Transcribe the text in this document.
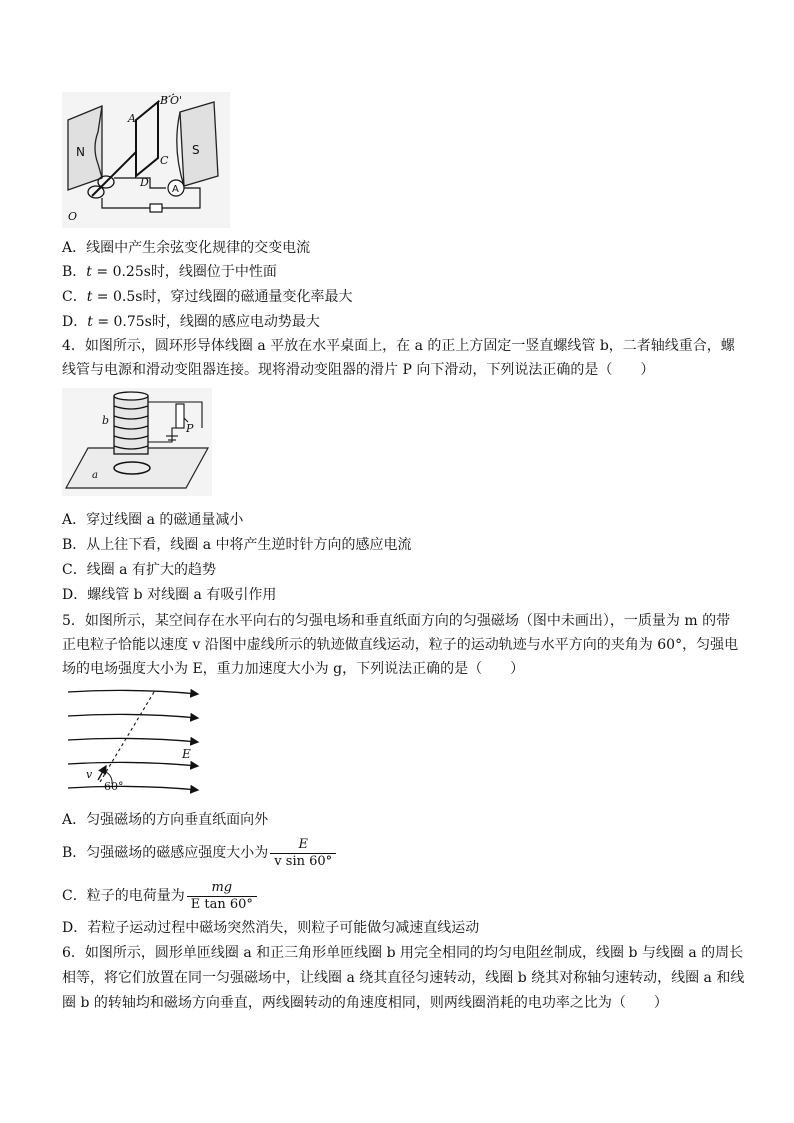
N	S
A
B O'
C
D
O
A
A．线圈中产生余弦变化规律的交变电流
B．t = 0.25s时，线圈位于中性面
C．t = 0.5s时，穿过线圈的磁通量变化率最大
D．t = 0.75s时，线圈的感应电动势最大
4．如图所示，圆环形导体线圈 a 平放在水平桌面上，在 a 的正上方固定一竖直螺线管 b，二者轴线重合，螺
线管与电源和滑动变阻器连接。现将滑动变阻器的滑片 P 向下滑动，下列说法正确的是（　　）
a
b
P
A．穿过线圈 a 的磁通量减小
B．从上往下看，线圈 a 中将产生逆时针方向的感应电流
C．线圈 a 有扩大的趋势
D．螺线管 b 对线圈 a 有吸引作用
5．如图所示，某空间存在水平向右的匀强电场和垂直纸面方向的匀强磁场（图中未画出），一质量为 m 的带
正电粒子恰能以速度 v 沿图中虚线所示的轨迹做直线运动，粒子的运动轨迹与水平方向的夹角为 60°，匀强电
场的电场强度大小为 E，重力加速度大小为 g，下列说法正确的是（　　）
v
60°
E
A．匀强磁场的方向垂直纸面向外
B．匀强磁场的磁感应强度大小为 $\frac{E}{\text{v sin 60°}}$
C．粒子的电荷量为 $\frac{mg}{\text{E tan 60°}}$
D．若粒子运动过程中磁场突然消失，则粒子可能做匀减速直线运动
6．如图所示，圆形单匝线圈 a 和正三角形单匝线圈 b 用完全相同的均匀电阻丝制成，线圈 b 与线圈 a 的周长
相等，将它们放置在同一匀强磁场中，让线圈 a 绕其直径匀速转动，线圈 b 绕其对称轴匀速转动，线圈 a 和线
圈 b 的转轴均和磁场方向垂直，两线圈转动的角速度相同，则两线圈消耗的电功率之比为（　　）
